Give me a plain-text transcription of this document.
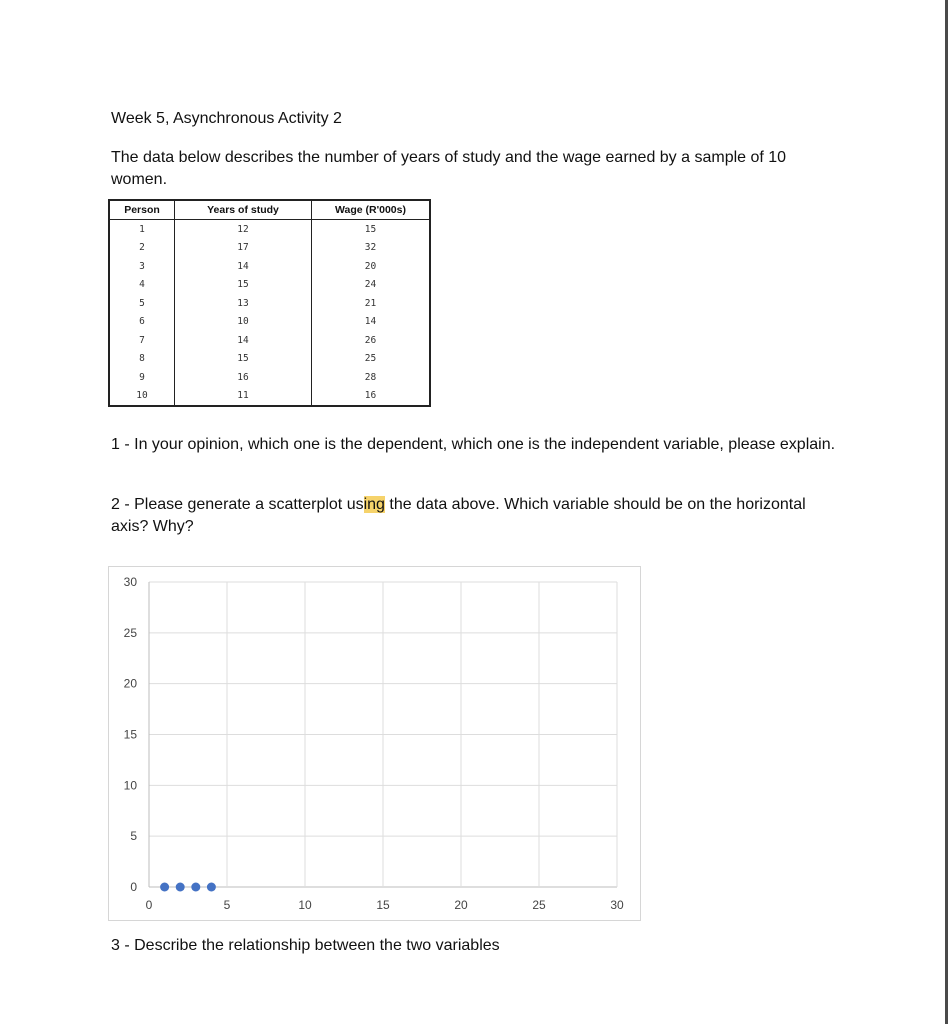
Week 5, Asynchronous Activity 2

The data below describes the number of years of study and the wage earned by a sample of 10 women.

Person	Years of study	Wage (R'000s)
1	12	15
2	17	32
3	14	20
4	15	24
5	13	21
6	10	14
7	14	26
8	15	25
9	16	28
10	11	16

1 - In your opinion, which one is the dependent, which one is the independent variable, please explain.

2 - Please generate a scatterplot using the data above. Which variable should be on the horizontal axis? Why?

0
5
10
15
20
25
30
0	5	10	15	20	25	30

3 - Describe the relationship between the two variables
